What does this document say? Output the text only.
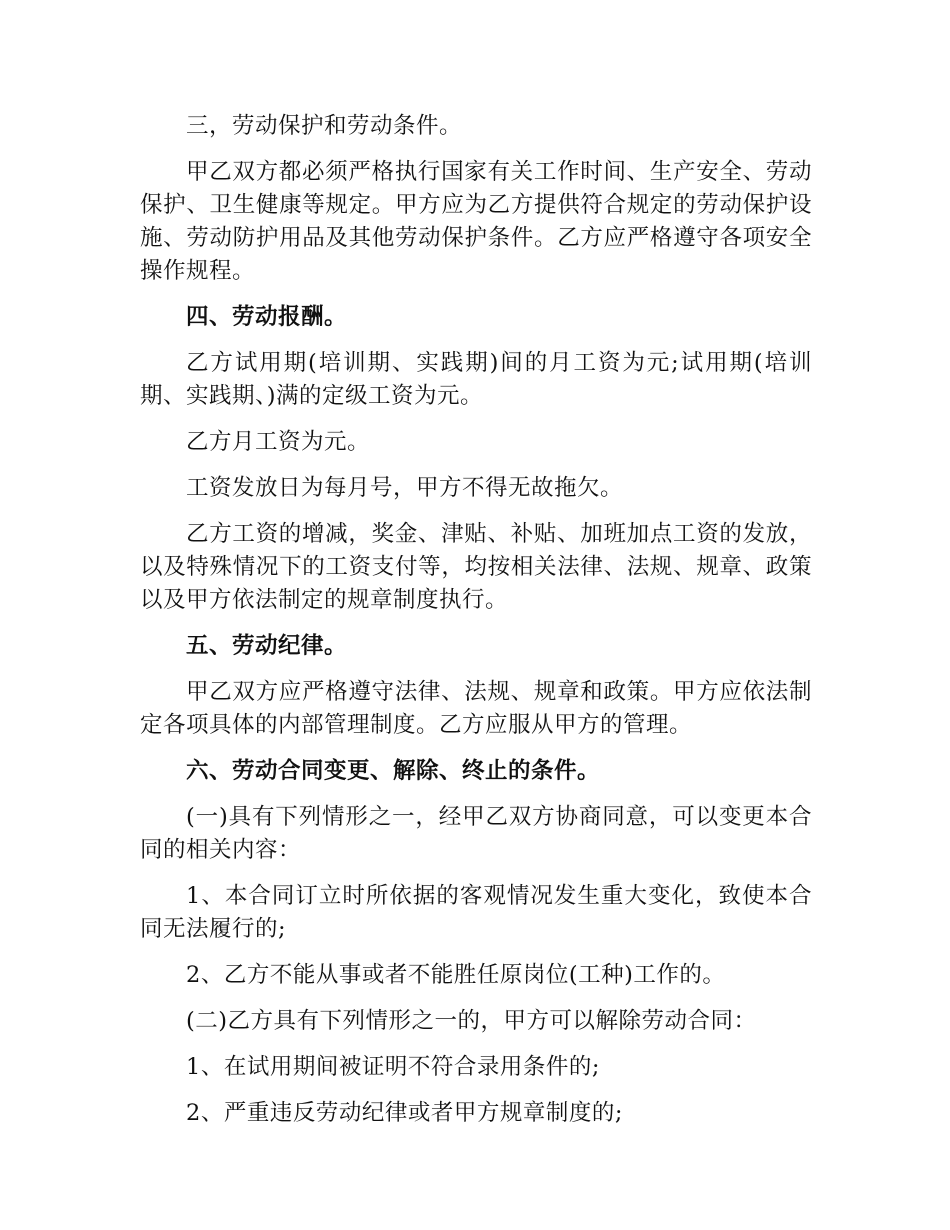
三，劳动保护和劳动条件。

甲乙双方都必须严格执行国家有关工作时间、生产安全、劳动保护、卫生健康等规定。甲方应为乙方提供符合规定的劳动保护设施、劳动防护用品及其他劳动保护条件。乙方应严格遵守各项安全操作规程。

四、劳动报酬。

乙方试用期(培训期、实践期)间的月工资为元;试用期(培训期、实践期、)满的定级工资为元。

乙方月工资为元。

工资发放日为每月号，甲方不得无故拖欠。

乙方工资的增减，奖金、津贴、补贴、加班加点工资的发放，以及特殊情况下的工资支付等，均按相关法律、法规、规章、政策以及甲方依法制定的规章制度执行。

五、劳动纪律。

甲乙双方应严格遵守法律、法规、规章和政策。甲方应依法制定各项具体的内部管理制度。乙方应服从甲方的管理。

六、劳动合同变更、解除、终止的条件。

(一)具有下列情形之一，经甲乙双方协商同意，可以变更本合同的相关内容：

1、本合同订立时所依据的客观情况发生重大变化，致使本合同无法履行的;

2、乙方不能从事或者不能胜任原岗位(工种)工作的。

(二)乙方具有下列情形之一的，甲方可以解除劳动合同：

1、在试用期间被证明不符合录用条件的;

2、严重违反劳动纪律或者甲方规章制度的;
